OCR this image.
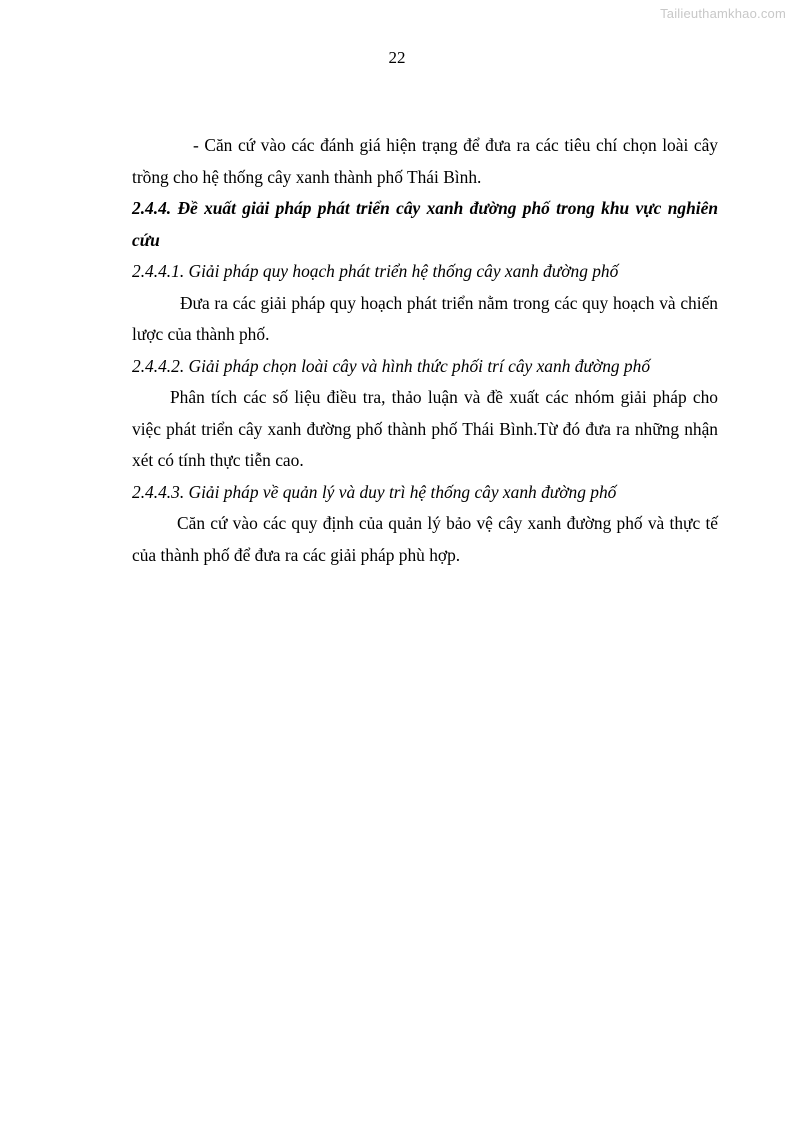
Tailieuthamkhao.com
22

- Căn cứ vào các đánh giá hiện trạng để đưa ra các tiêu chí chọn loài cây trồng cho hệ thống cây xanh thành phố Thái Bình.

2.4.4. Đề xuất giải pháp phát triển cây xanh đường phố trong khu vực nghiên cứu

2.4.4.1. Giải pháp quy hoạch phát triển hệ thống cây xanh đường phố

Đưa ra các giải pháp quy hoạch phát triển nằm trong các quy hoạch và chiến lược của thành phố.

2.4.4.2. Giải pháp chọn loài cây và hình thức phối trí cây xanh đường phố

Phân tích các số liệu điều tra, thảo luận và đề xuất các nhóm giải pháp cho việc phát triển cây xanh đường phố thành phố Thái Bình.Từ đó đưa ra những nhận xét có tính thực tiễn cao.

2.4.4.3. Giải pháp về quản lý và duy trì hệ thống cây xanh đường phố

Căn cứ vào các quy định của quản lý bảo vệ cây xanh đường phố và thực tế của thành phố để đưa ra các giải pháp phù hợp.
